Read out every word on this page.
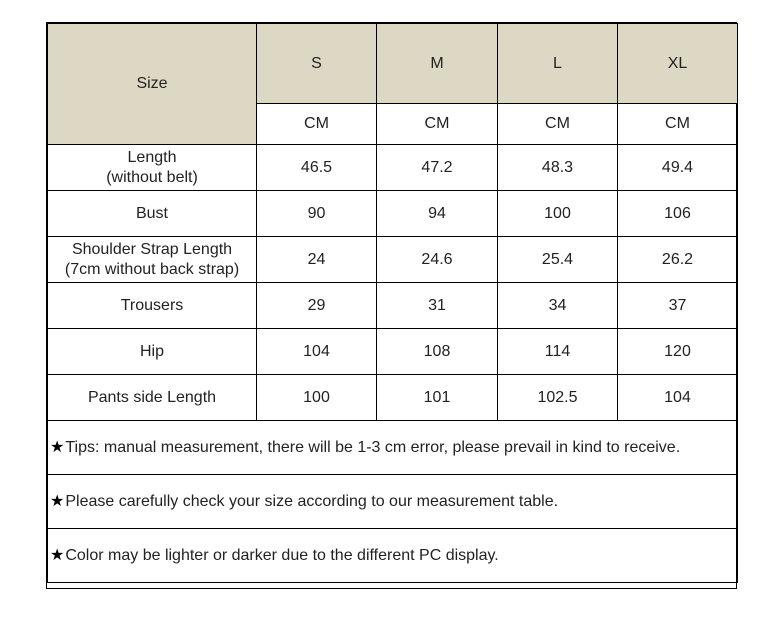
Size	S	M	L	XL
	CM	CM	CM	CM

Length
(without belt)	46.5	47.2	48.3	49.4
Bust	90	94	100	106

Shoulder Strap Length
(7cm without back strap)	24	24.6	25.4	26.2
Trousers	29	31	34	37
Hip	104	108	114	120
Pants side Length	100	101	102.5	104
★Tips: manual measurement, there will be 1-3 cm error, please prevail in kind to receive.				
★Please carefully check your size according to our measurement table.				
★Color may be lighter or darker due to the different PC display.				
